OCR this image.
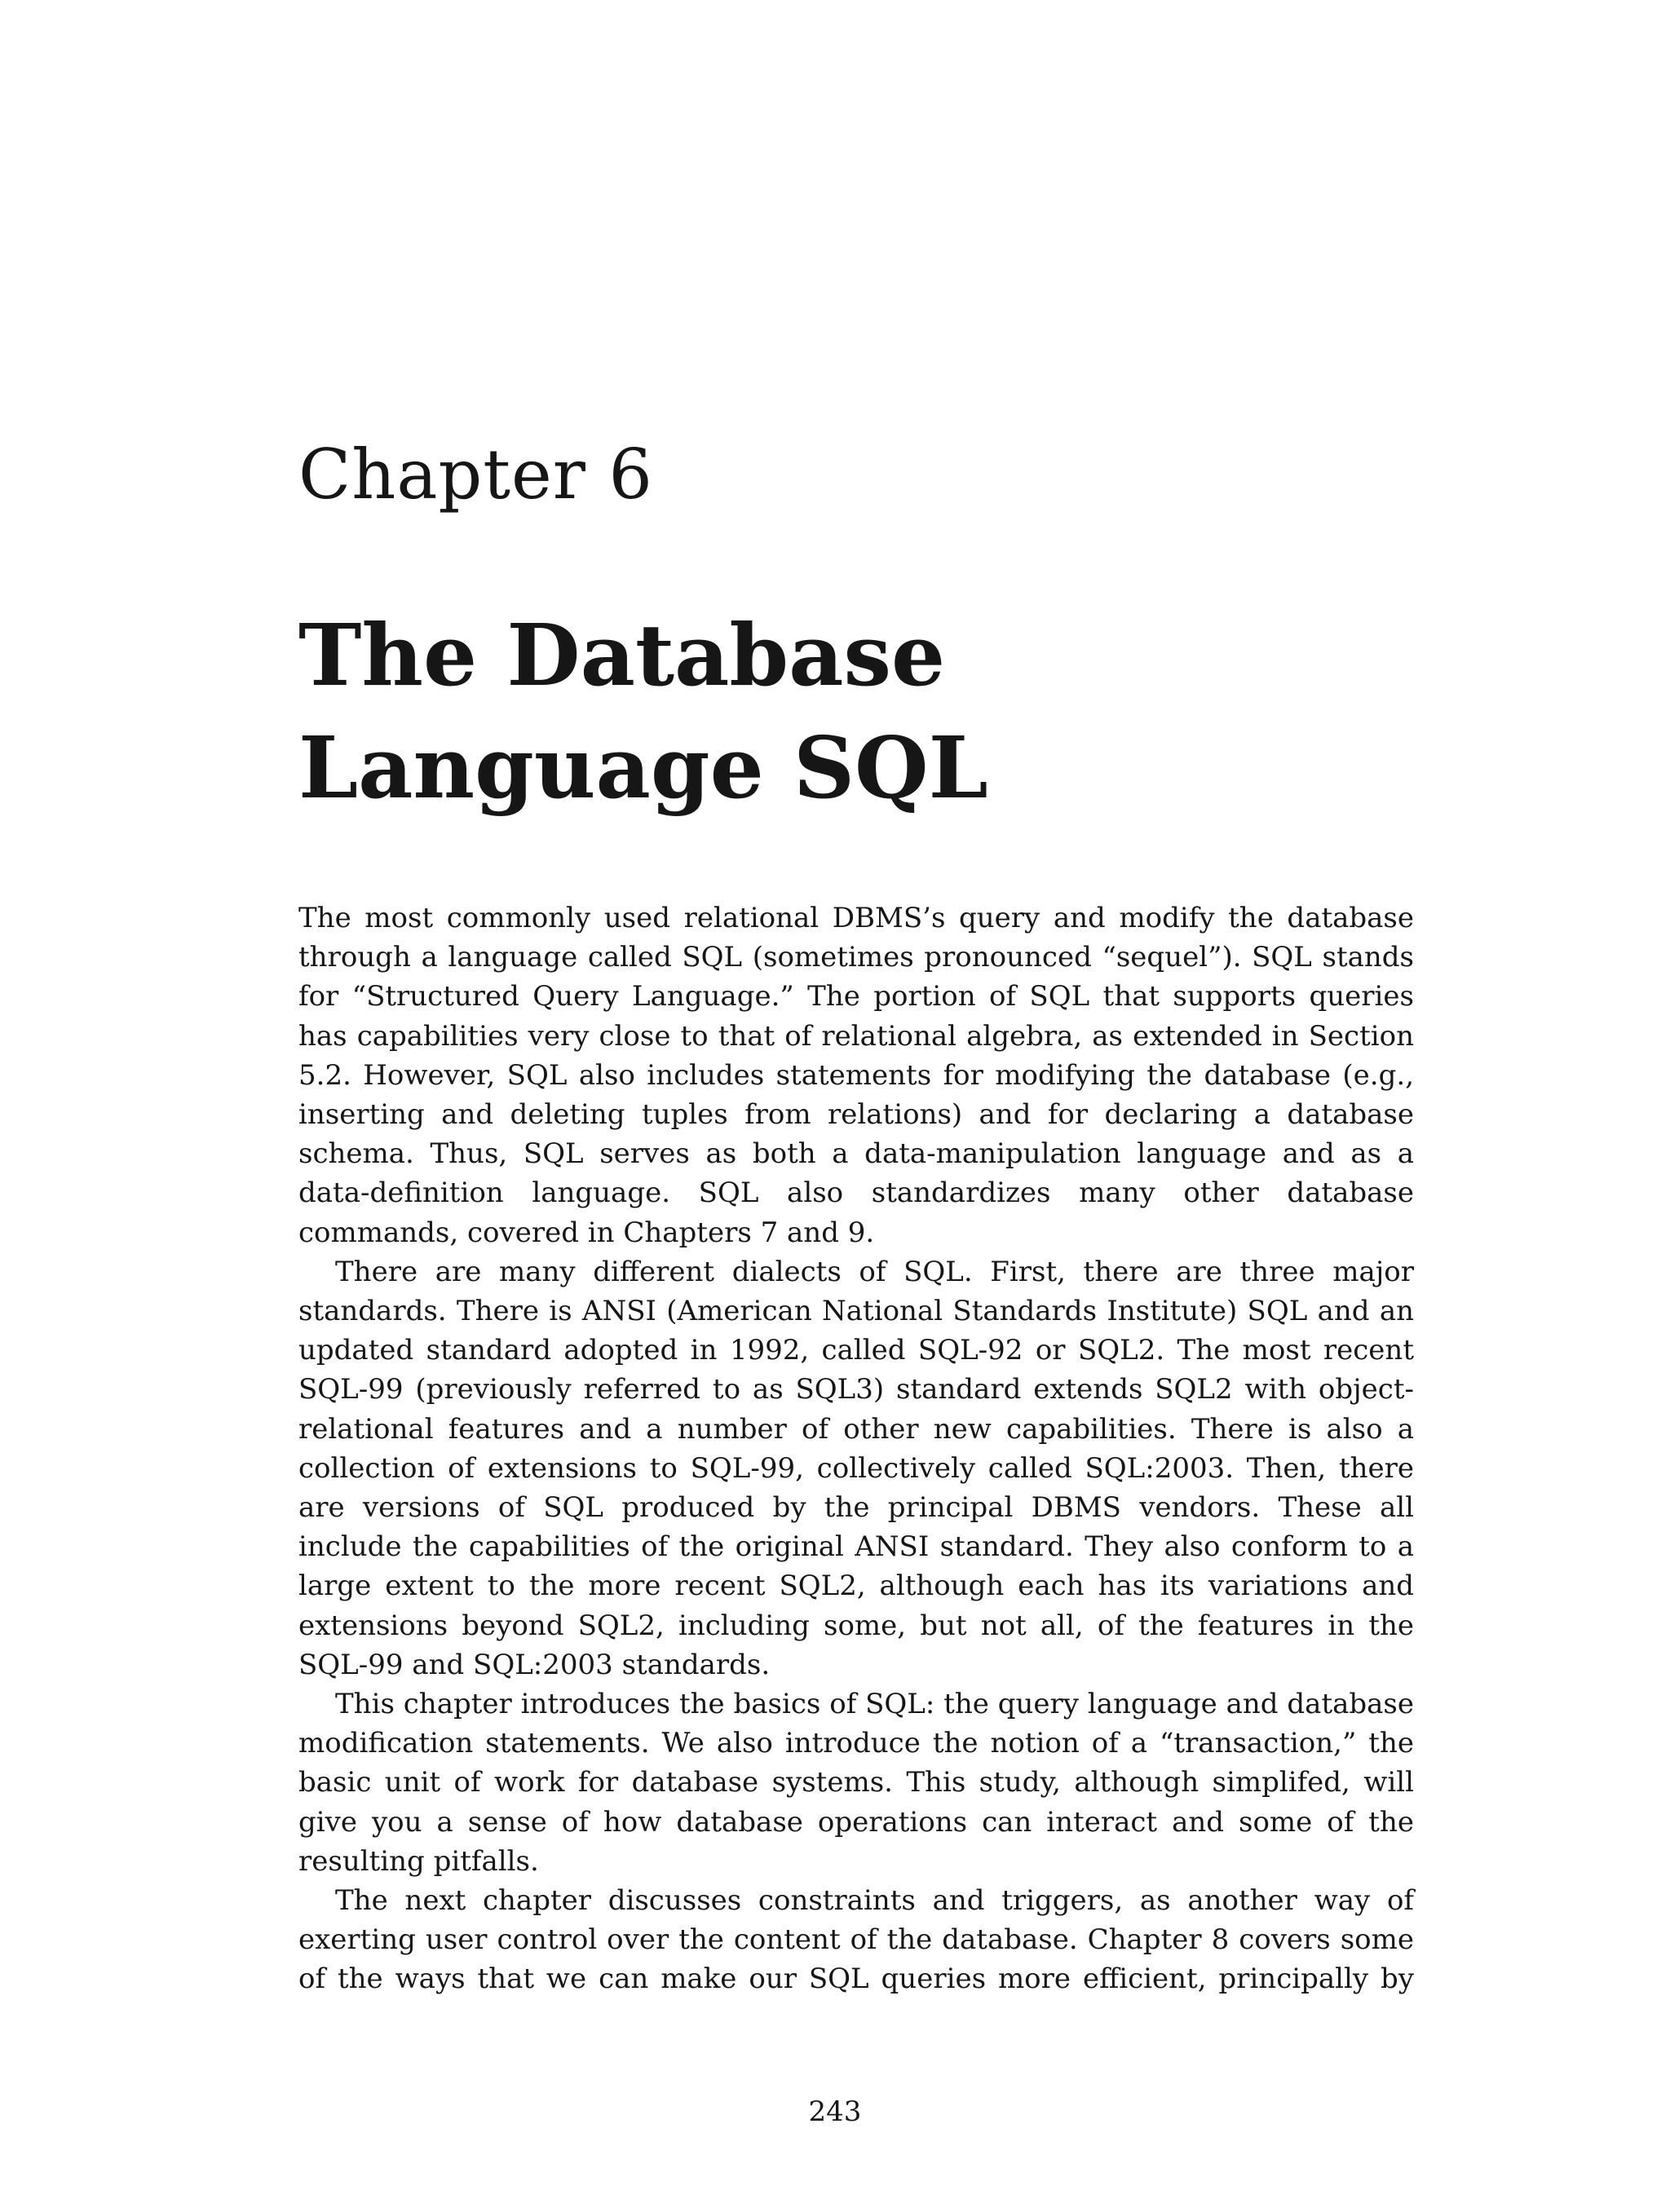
Chapter 6
The Database Language SQL

The most commonly used relational DBMS’s query and modify the database through a language called SQL (sometimes pronounced “sequel”). SQL stands for “Structured Query Language.” The portion of SQL that supports queries has capabilities very close to that of relational algebra, as extended in Section 5.2. However, SQL also includes statements for modifying the database (e.g., inserting and deleting tuples from relations) and for declaring a database schema. Thus, SQL serves as both a data-manipulation language and as a data-definition language. SQL also standardizes many other database commands, covered in Chapters 7 and 9.

There are many different dialects of SQL. First, there are three major standards. There is ANSI (American National Standards Institute) SQL and an updated standard adopted in 1992, called SQL-92 or SQL2. The most recent SQL-99 (previously referred to as SQL3) standard extends SQL2 with object-relational features and a number of other new capabilities. There is also a collection of extensions to SQL-99, collectively called SQL:2003. Then, there are versions of SQL produced by the principal DBMS vendors. These all include the capabilities of the original ANSI standard. They also conform to a large extent to the more recent SQL2, although each has its variations and extensions beyond SQL2, including some, but not all, of the features in the SQL-99 and SQL:2003 standards.

This chapter introduces the basics of SQL: the query language and database modification statements. We also introduce the notion of a “transaction,” the basic unit of work for database systems. This study, although simplifed, will give you a sense of how database operations can interact and some of the resulting pitfalls.

The next chapter discusses constraints and triggers, as another way of exerting user control over the content of the database. Chapter 8 covers some of the ways that we can make our SQL queries more efficient, principally by

243
